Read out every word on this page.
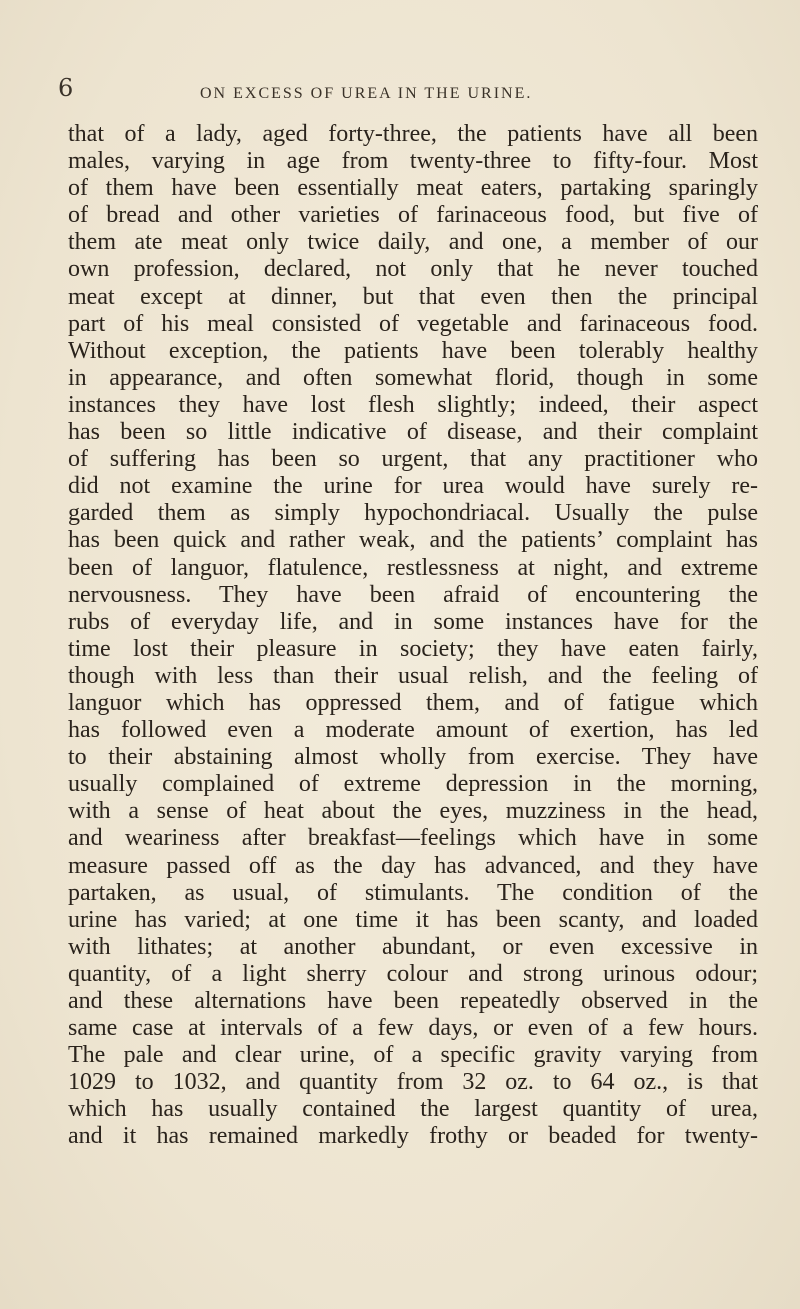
6	ON EXCESS OF UREA IN THE URINE.
that of a lady, aged forty-three, the patients have all been
males, varying in age from twenty-three to fifty-four. Most
of them have been essentially meat eaters, partaking sparingly
of bread and other varieties of farinaceous food, but five of
them ate meat only twice daily, and one, a member of our
own profession, declared, not only that he never touched
meat except at dinner, but that even then the principal
part of his meal consisted of vegetable and farinaceous food.
Without exception, the patients have been tolerably healthy
in appearance, and often somewhat florid, though in some
instances they have lost flesh slightly; indeed, their aspect
has been so little indicative of disease, and their complaint
of suffering has been so urgent, that any practitioner who
did not examine the urine for urea would have surely re-
garded them as simply hypochondriacal. Usually the pulse
has been quick and rather weak, and the patients’ complaint has
been of languor, flatulence, restlessness at night, and extreme
nervousness. They have been afraid of encountering the
rubs of everyday life, and in some instances have for the
time lost their pleasure in society; they have eaten fairly,
though with less than their usual relish, and the feeling of
languor which has oppressed them, and of fatigue which
has followed even a moderate amount of exertion, has led
to their abstaining almost wholly from exercise. They have
usually complained of extreme depression in the morning,
with a sense of heat about the eyes, muzziness in the head,
and weariness after breakfast—feelings which have in some
measure passed off as the day has advanced, and they have
partaken, as usual, of stimulants. The condition of the
urine has varied; at one time it has been scanty, and loaded
with lithates; at another abundant, or even excessive in
quantity, of a light sherry colour and strong urinous odour;
and these alternations have been repeatedly observed in the
same case at intervals of a few days, or even of a few hours.
The pale and clear urine, of a specific gravity varying from
1029 to 1032, and quantity from 32 oz. to 64 oz., is that
which has usually contained the largest quantity of urea,
and it has remained markedly frothy or beaded for twenty-
